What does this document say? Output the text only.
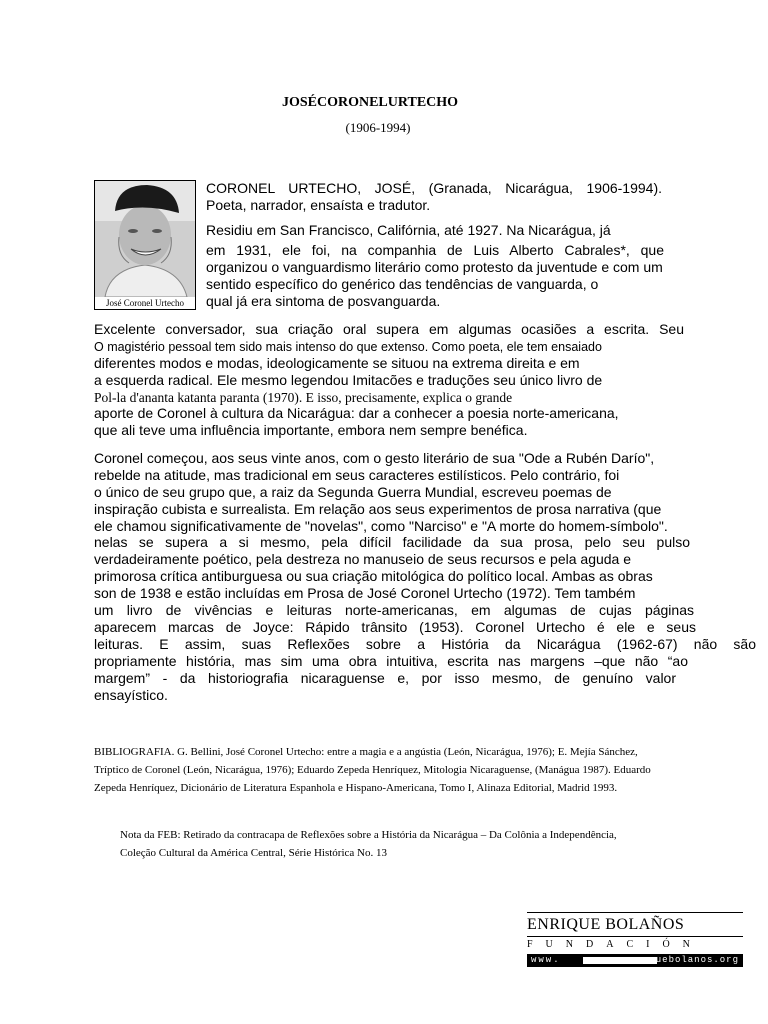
JOSÉCORONELURTECHO
(1906-1994)
José Coronel Urtecho
CORONEL URTECHO, JOSÉ, (Granada, Nicarágua, 1906-1994).
Poeta, narrador, ensaísta e tradutor.
Residiu em San Francisco, Califórnia, até 1927. Na Nicarágua, já
em 1931, ele foi, na companhia de Luis Alberto Cabrales*, que
organizou o vanguardismo literário como protesto da juventude e com um
sentido específico do genérico das tendências de vanguarda, o
qual já era sintoma de posvanguarda.
Excelente conversador, sua criação oral supera em algumas ocasiões a escrita. Seu
O magistério pessoal tem sido mais intenso do que extenso. Como poeta, ele tem ensaiado
diferentes modos e modas, ideologicamente se situou na extrema direita e em
a esquerda radical. Ele mesmo legendou Imitacões e traduções seu único livro de
Pol-la d'ananta katanta paranta (1970). E isso, precisamente, explica o grande
aporte de Coronel à cultura da Nicarágua: dar a conhecer a poesia norte-americana,
que ali teve uma influência importante, embora nem sempre benéfica.
Coronel começou, aos seus vinte anos, com o gesto literário de sua "Ode a Rubén Darío",
rebelde na atitude, mas tradicional em seus caracteres estilísticos. Pelo contrário, foi
o único de seu grupo que, a raiz da Segunda Guerra Mundial, escreveu poemas de
inspiração cubista e surrealista. Em relação aos seus experimentos de prosa narrativa (que
ele chamou significativamente de "novelas", como "Narciso" e "A morte do homem-símbolo".
nelas se supera a si mesmo, pela difícil facilidade da sua prosa, pelo seu pulso
verdadeiramente poético, pela destreza no manuseio de seus recursos e pela aguda e
primorosa crítica antiburguesa ou sua criação mitológica do político local. Ambas as obras
son de 1938 e estão incluídas em Prosa de José Coronel Urtecho (1972). Tem também
um livro de vivências e leituras norte-americanas, em algumas de cujas páginas
aparecem marcas de Joyce: Rápido trânsito (1953). Coronel Urtecho é ele e seus
leituras. E assim, suas Reflexões sobre a História da Nicarágua (1962-67) não são
propriamente história, mas sim uma obra intuitiva, escrita nas margens –que não “ao
margem” - da historiografia nicaraguense e, por isso mesmo, de genuíno valor
ensayístico.
BIBLIOGRAFIA. G. Bellini, José Coronel Urtecho: entre a magia e a angústia (León, Nicarágua, 1976); E. Mejía Sánchez, Tríptico de Coronel (León, Nicarágua, 1976); Eduardo Zepeda Henríquez, Mitologia Nicaraguense, (Manágua 1987). Eduardo Zepeda Henríquez, Dicionário de Literatura Espanhola e Hispano-Americana, Tomo I, Alinaza Editorial, Madrid 1993.
Nota da FEB: Retirado da contracapa de Reflexões sobre a História da Nicarágua – Da Colônia a Independência, Coleção Cultural da América Central, Série Histórica No. 13
ENRIQUE BOLAÑOS
FUNDACIÓN
www.	quebolanos.org
